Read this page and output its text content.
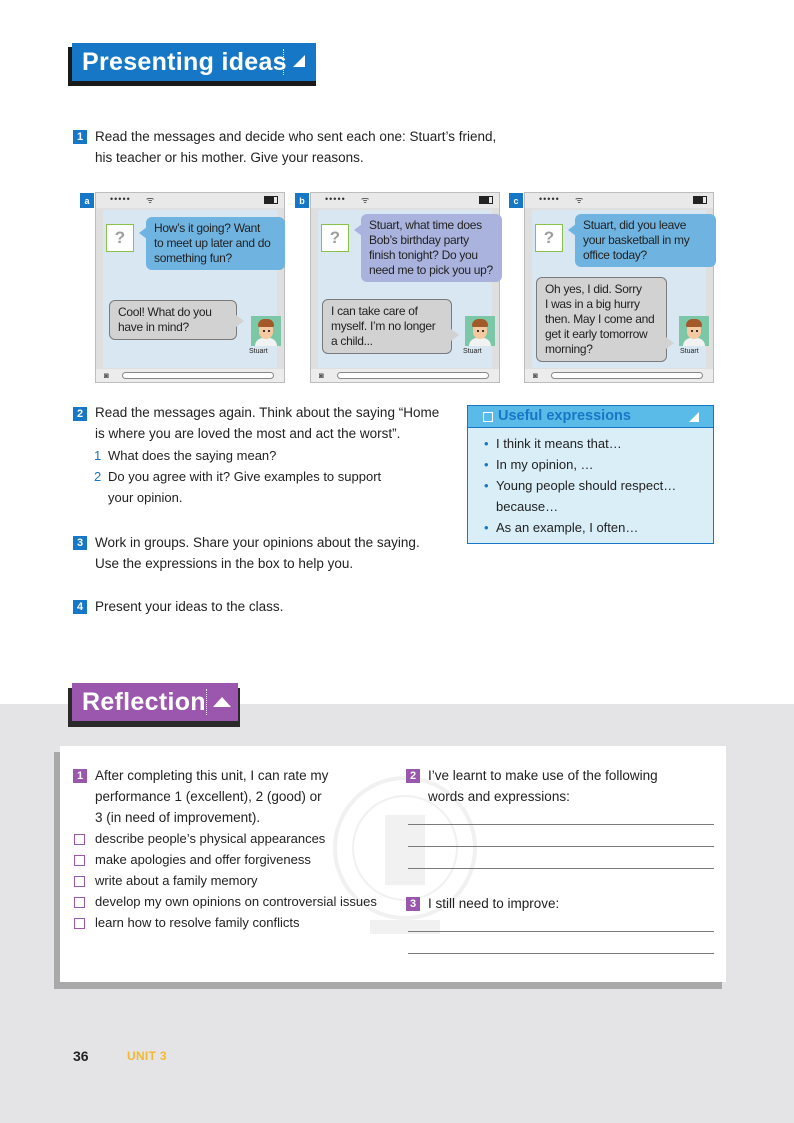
Presenting ideas
1 Read the messages and decide who sent each one: Stuart’s friend,
his teacher or his mother. Give your reasons.
••••• ᯤ
a
?	How’s it going? Want
to meet up later and do
something fun?
Cool! What do you
have in mind?
Stuart
◙
••••• ᯤ
b
?
Stuart, what time does
Bob’s birthday party
finish tonight? Do you
need me to pick you up?
I can take care of
myself. I’m no longer
a child...
Stuart
◙
••••• ᯤ
c
?
Stuart, did you leave
your basketball in my
office today?
Oh yes, I did. Sorry
I was in a big hurry
then. May I come and
get it early tomorrow
morning?	Stuart
◙
2 Read the messages again. Think about the saying “Home
is where you are loved the most and act the worst”.
1 What does the saying mean?
2 Do you agree with it? Give examples to support
your opinion.
Useful expressions
• I think it means that…
• In my opinion, …
• Young people should respect…
because…
• As an example, I often…
3 Work in groups. Share your opinions about the saying.
Use the expressions in the box to help you.
4 Present your ideas to the class.
Reflection
1 After completing this unit, I can rate my
performance 1 (excellent), 2 (good) or
3 (in need of improvement).
describe people’s physical appearances
make apologies and offer forgiveness
write about a family memory
develop my own opinions on controversial issues
learn how to resolve family conflicts
2 I’ve learnt to make use of the following
words and expressions:
3 I still need to improve:
36	UNIT 3
